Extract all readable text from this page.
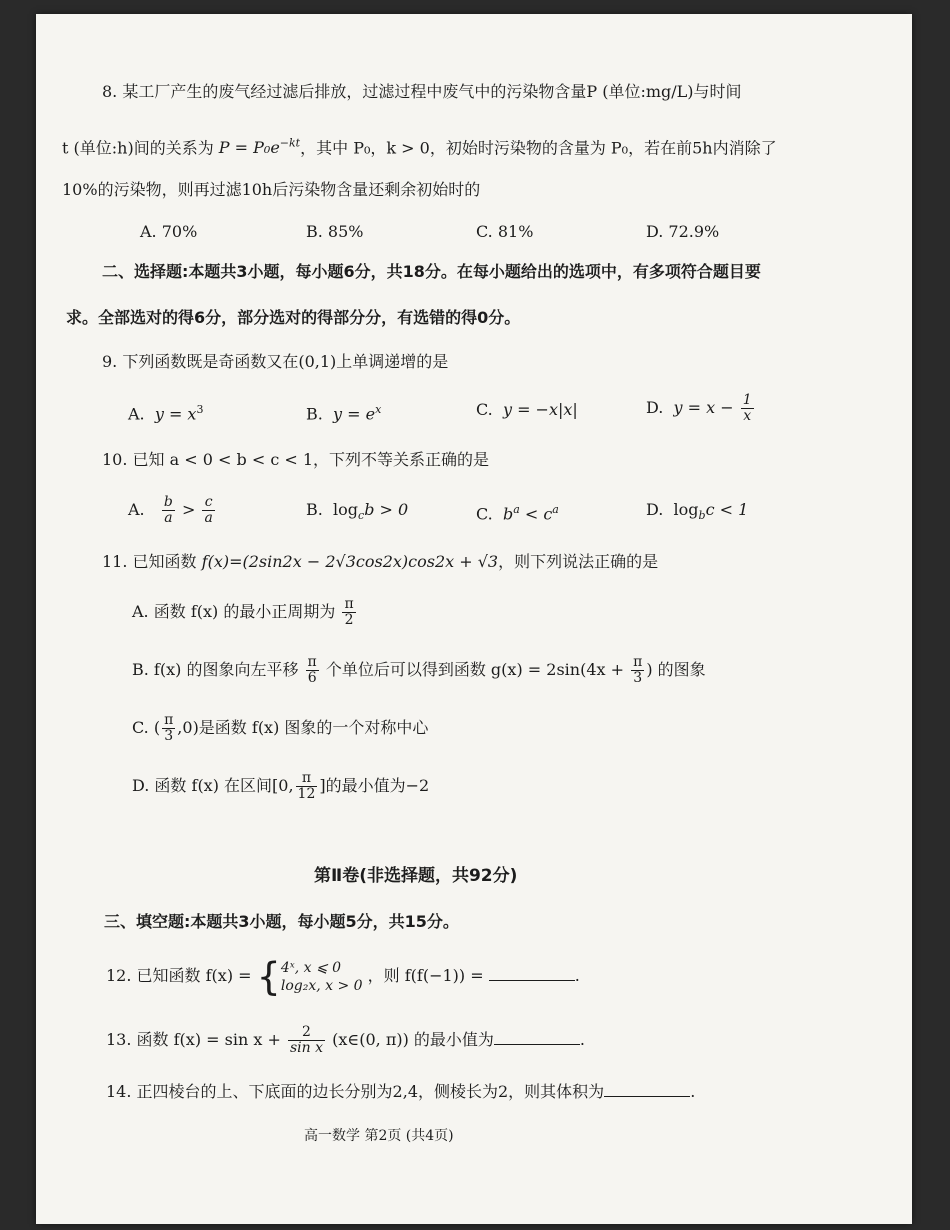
8. 某工厂产生的废气经过滤后排放，过滤过程中废气中的污染物含量P (单位:mg/L)与时间
t (单位:h)间的关系为 $P = P_0e^{-kt}$，其中 P₀，k > 0，初始时污染物的含量为 P₀，若在前5h内消除了
10%的污染物，则再过滤10h后污染物含量还剩余初始时的
A. 70%	B. 85%	C. 81%	D. 72.9%
二、选择题:本题共3小题，每小题6分，共18分。在每小题给出的选项中，有多项符合题目要
求。全部选对的得6分，部分选对的得部分分，有选错的得0分。
9. 下列函数既是奇函数又在(0,1)上单调递增的是
A. $y = x^3$	B. $y = e^x$	C. y = −x|x|	D. $y = x - \frac{1}{x}$
10. 已知 a < 0 < b < c < 1，下列不等关系正确的是
A. $\frac{b}{a} > \frac{c}{a}$	B. $\log_cb > 0$	C. $b^a < c^a$	D. $\log_bc < 1$
11. 已知函数 f(x)=(2sin2x − 2√3cos2x)cos2x + √3，则下列说法正确的是
A. 函数 f(x) 的最小正周期为 $\frac{\pi}{2}$
B. f(x) 的图象向左平移 $\frac{\pi}{6}$ 个单位后可以得到函数 $g(x) = 2\sin(4x + \frac{\pi}{3}$ ) 的图象
C. ( $\frac{\pi}{3} ,0$)是函数 f(x) 图象的一个对称中心
D. 函数 f(x) 在区间[0, $\frac{\pi}{12}$ ]的最小值为−2
第Ⅱ卷(非选择题，共92分)
三、填空题:本题共3小题，每小题5分，共15分。
12. 已知函数 f(x) = { 4ˣ, x ⩽ 0
log₂x, x > 0
，则 f(f(−1)) =	.
13. 函数 $f(x) = \sin x + \frac{2}{\text{sin x}}$ (x∈(0, π)) 的最小值为	.
14. 正四棱台的上、下底面的边长分别为2,4，侧棱长为2，则其体积为	.
高一数学 第2页 (共4页)
